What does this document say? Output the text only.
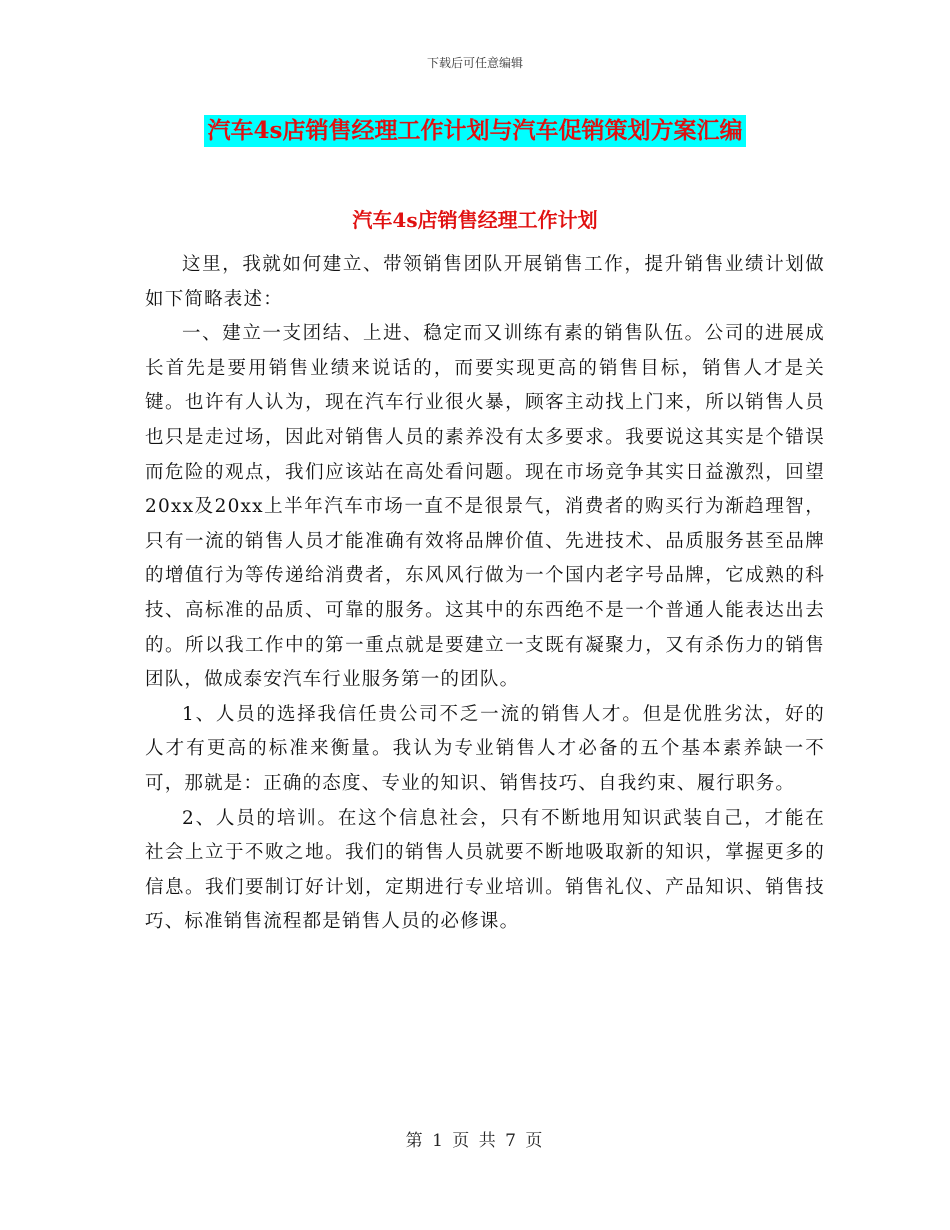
下载后可任意编辑
汽车4s店销售经理工作计划与汽车促销策划方案汇编
汽车4s店销售经理工作计划

这里，我就如何建立、带领销售团队开展销售工作，提升销售业绩计划做如下简略表述：

一、建立一支团结、上进、稳定而又训练有素的销售队伍。公司的进展成长首先是要用销售业绩来说话的，而要实现更高的销售目标，销售人才是关键。也许有人认为，现在汽车行业很火暴，顾客主动找上门来，所以销售人员也只是走过场，因此对销售人员的素养没有太多要求。我要说这其实是个错误而危险的观点，我们应该站在高处看问题。现在市场竞争其实日益激烈，回望20xx及20xx上半年汽车市场一直不是很景气，消费者的购买行为渐趋理智，只有一流的销售人员才能准确有效将品牌价值、先进技术、品质服务甚至品牌的增值行为等传递给消费者，东风风行做为一个国内老字号品牌，它成熟的科技、高标准的品质、可靠的服务。这其中的东西绝不是一个普通人能表达出去的。所以我工作中的第一重点就是要建立一支既有凝聚力，又有杀伤力的销售团队，做成泰安汽车行业服务第一的团队。

1、人员的选择我信任贵公司不乏一流的销售人才。但是优胜劣汰，好的人才有更高的标准来衡量。我认为专业销售人才必备的五个基本素养缺一不可，那就是：正确的态度、专业的知识、销售技巧、自我约束、履行职务。

2、人员的培训。在这个信息社会，只有不断地用知识武装自己，才能在社会上立于不败之地。我们的销售人员就要不断地吸取新的知识，掌握更多的信息。我们要制订好计划，定期进行专业培训。销售礼仪、产品知识、销售技巧、标准销售流程都是销售人员的必修课。

第 1 页 共 7 页
